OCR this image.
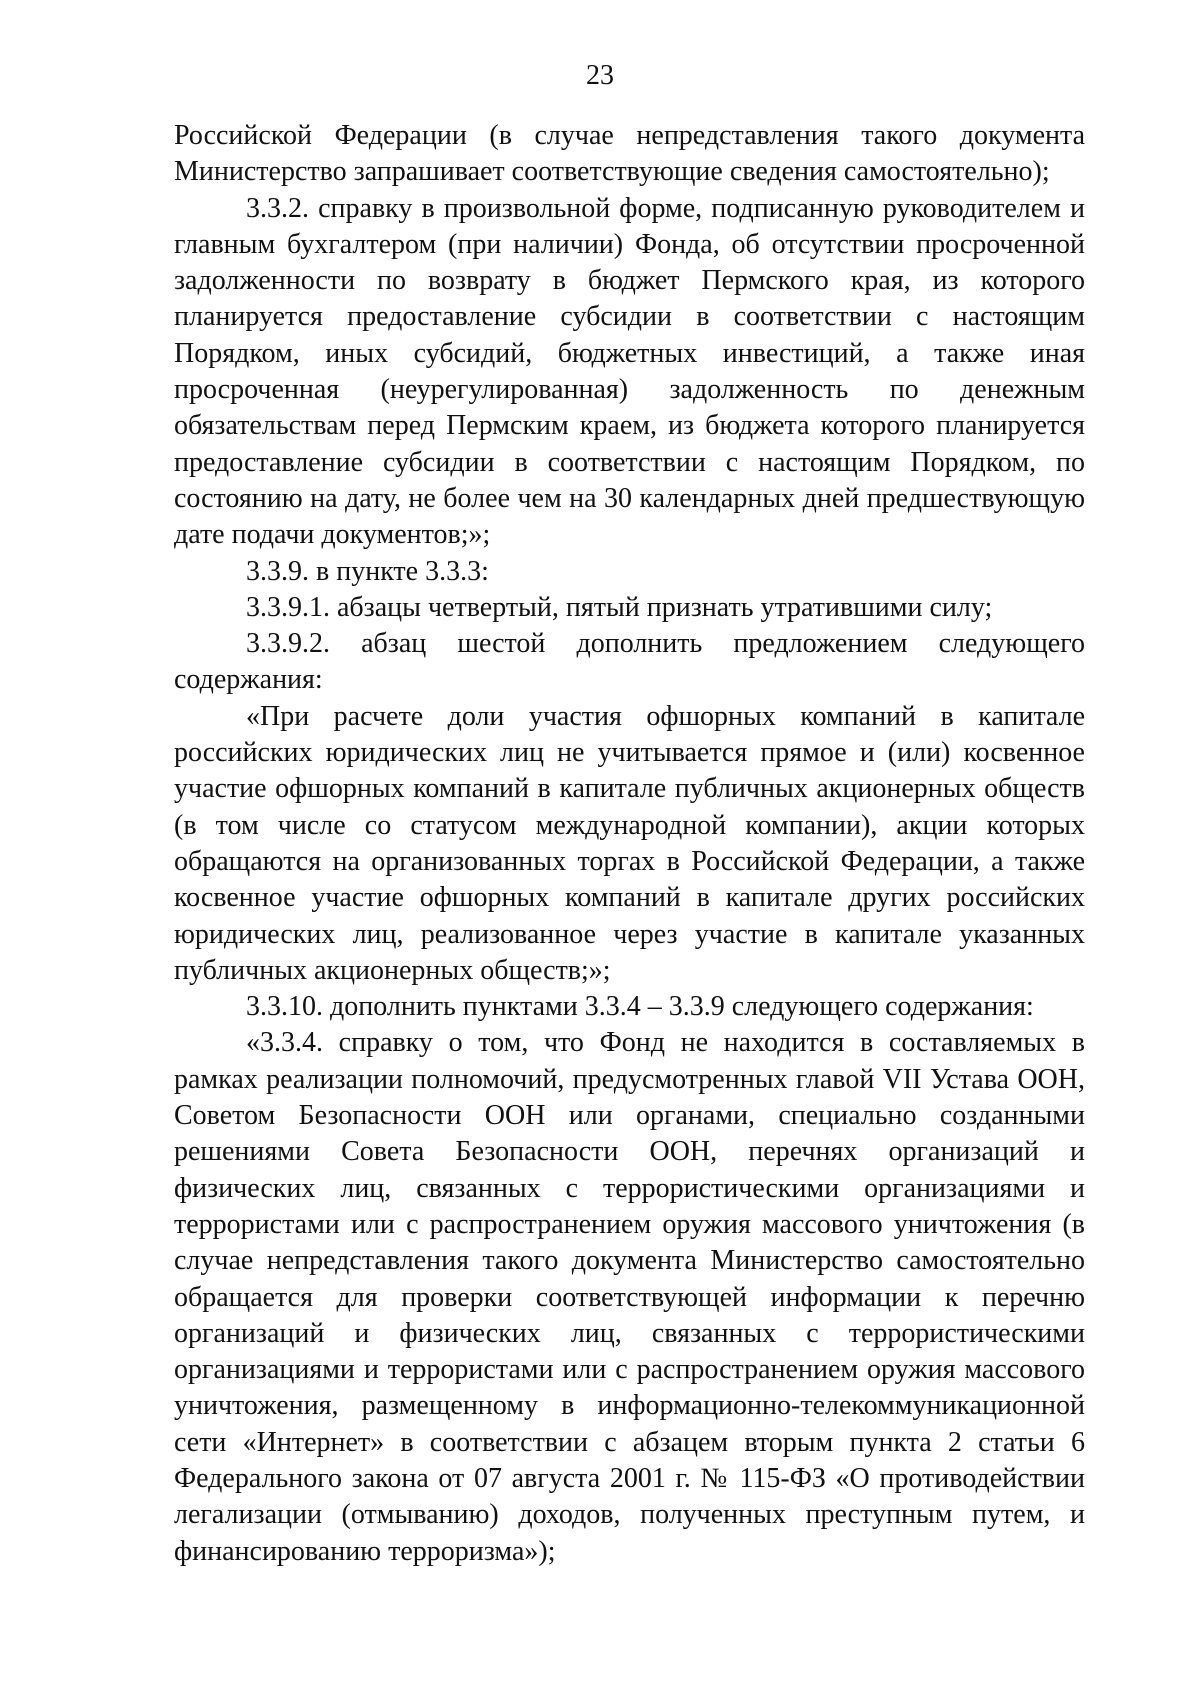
23

Российской Федерации (в случае непредставления такого документа Министерство запрашивает соответствующие сведения самостоятельно);

3.3.2. справку в произвольной форме, подписанную руководителем и главным бухгалтером (при наличии) Фонда, об отсутствии просроченной задолженности по возврату в бюджет Пермского края, из которого планируется предоставление субсидии в соответствии с настоящим Порядком, иных субсидий, бюджетных инвестиций, а также иная просроченная (неурегулированная) задолженность по денежным обязательствам перед Пермским краем, из бюджета которого планируется предоставление субсидии в соответствии с настоящим Порядком, по состоянию на дату, не более чем на 30 календарных дней предшествующую дате подачи документов;»;

3.3.9. в пункте 3.3.3:

3.3.9.1. абзацы четвертый, пятый признать утратившими силу;

3.3.9.2. абзац шестой дополнить предложением следующего содержания:

«При расчете доли участия офшорных компаний в капитале российских юридических лиц не учитывается прямое и (или) косвенное участие офшорных компаний в капитале публичных акционерных обществ (в том числе со статусом международной компании), акции которых обращаются на организованных торгах в Российской Федерации, а также косвенное участие офшорных компаний в капитале других российских юридических лиц, реализованное через участие в капитале указанных публичных акционерных обществ;»;

3.3.10. дополнить пунктами 3.3.4 – 3.3.9 следующего содержания:

«3.3.4. справку о том, что Фонд не находится в составляемых в рамках реализации полномочий, предусмотренных главой VII Устава ООН, Советом Безопасности ООН или органами, специально созданными решениями Совета Безопасности ООН, перечнях организаций и физических лиц, связанных с террористическими организациями и террористами или с распространением оружия массового уничтожения (в случае непредставления такого документа Министерство самостоятельно обращается для проверки соответствующей информации к перечню организаций и физических лиц, связанных с террористическими организациями и террористами или с распространением оружия массового уничтожения, размещенному в информационно-телекоммуникационной сети «Интернет» в соответствии с абзацем вторым пункта 2 статьи 6 Федерального закона от 07 августа 2001 г. № 115-ФЗ «О противодействии легализации (отмыванию) доходов, полученных преступным путем, и финансированию терроризма»);
